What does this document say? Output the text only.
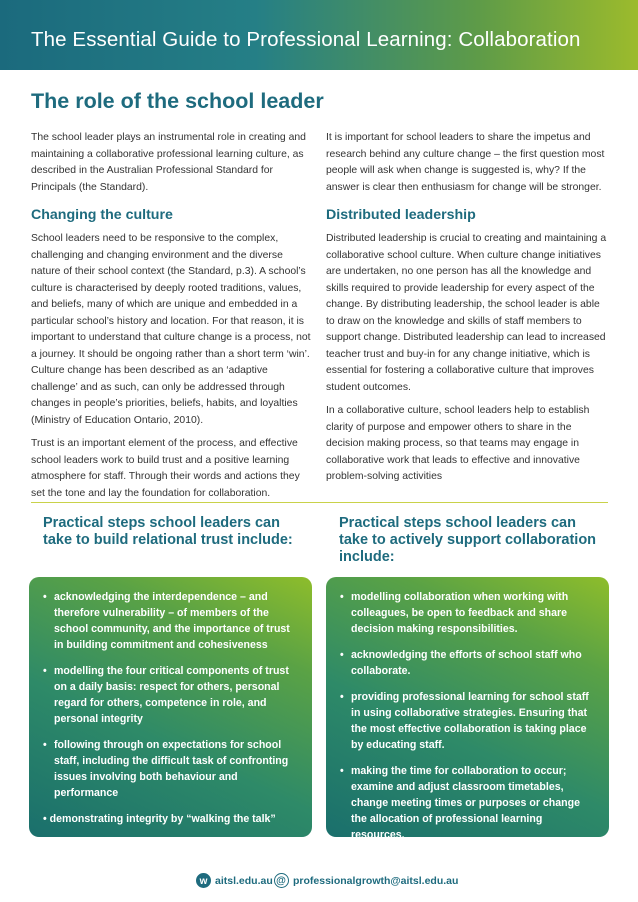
The Essential Guide to Professional Learning: Collaboration
The role of the school leader

The school leader plays an instrumental role in creating and maintaining a collaborative professional learning culture, as described in the Australian Professional Standard for Principals (the Standard).

Changing the culture

School leaders need to be responsive to the complex, challenging and changing environment and the diverse nature of their school context (the Standard, p.3). A school’s culture is characterised by deeply rooted traditions, values, and beliefs, many of which are unique and embedded in a particular school’s history and location. For that reason, it is important to understand that culture change is a process, not a journey. It should be ongoing rather than a short term ‘win’. Culture change has been described as an ‘adaptive challenge’ and as such, can only be addressed through changes in people’s priorities, beliefs, habits, and loyalties (Ministry of Education Ontario, 2010).

Trust is an important element of the process, and effective school leaders work to build trust and a positive learning atmosphere for staff. Through their words and actions they set the tone and lay the foundation for collaboration.

It is important for school leaders to share the impetus and research behind any culture change – the first question most people will ask when change is suggested is, why? If the answer is clear then enthusiasm for change will be stronger.

Distributed leadership

Distributed leadership is crucial to creating and maintaining a collaborative school culture. When culture change initiatives are undertaken, no one person has all the knowledge and skills required to provide leadership for every aspect of the change. By distributing leadership, the school leader is able to draw on the knowledge and skills of staff members to support change. Distributed leadership can lead to increased teacher trust and buy-in for any change initiative, which is essential for fostering a collaborative culture that improves student outcomes.

In a collaborative culture, school leaders help to establish clarity of purpose and empower others to share in the decision making process, so that teams may engage in collaborative work that leads to effective and innovative problem-solving activities

Practical steps school leaders can take to build relational trust include:
Practical steps school leaders can take to actively support collaboration include:
• acknowledging the interdependence – and therefore vulnerability – of members of the school community, and the importance of trust in building commitment and cohesiveness
• modelling the four critical components of trust on a daily basis: respect for others, personal regard for others, competence in role, and personal integrity
• following through on expectations for school staff, including the difficult task of confronting issues involving both behaviour and performance
• demonstrating integrity by “walking the talk”
(Ministry of Education Ontario, 2010)
• modelling collaboration when working with colleagues, be open to feedback and share decision making responsibilities.
• acknowledging the efforts of school staff who collaborate.
• providing professional learning for school staff in using collaborative strategies. Ensuring that the most effective collaboration is taking place by educating staff.
• making the time for collaboration to occur; examine and adjust classroom timetables, change meeting times or purposes or change the allocation of professional learning resources.
w aitsl.edu.au @ professionalgrowth@aitsl.edu.au
